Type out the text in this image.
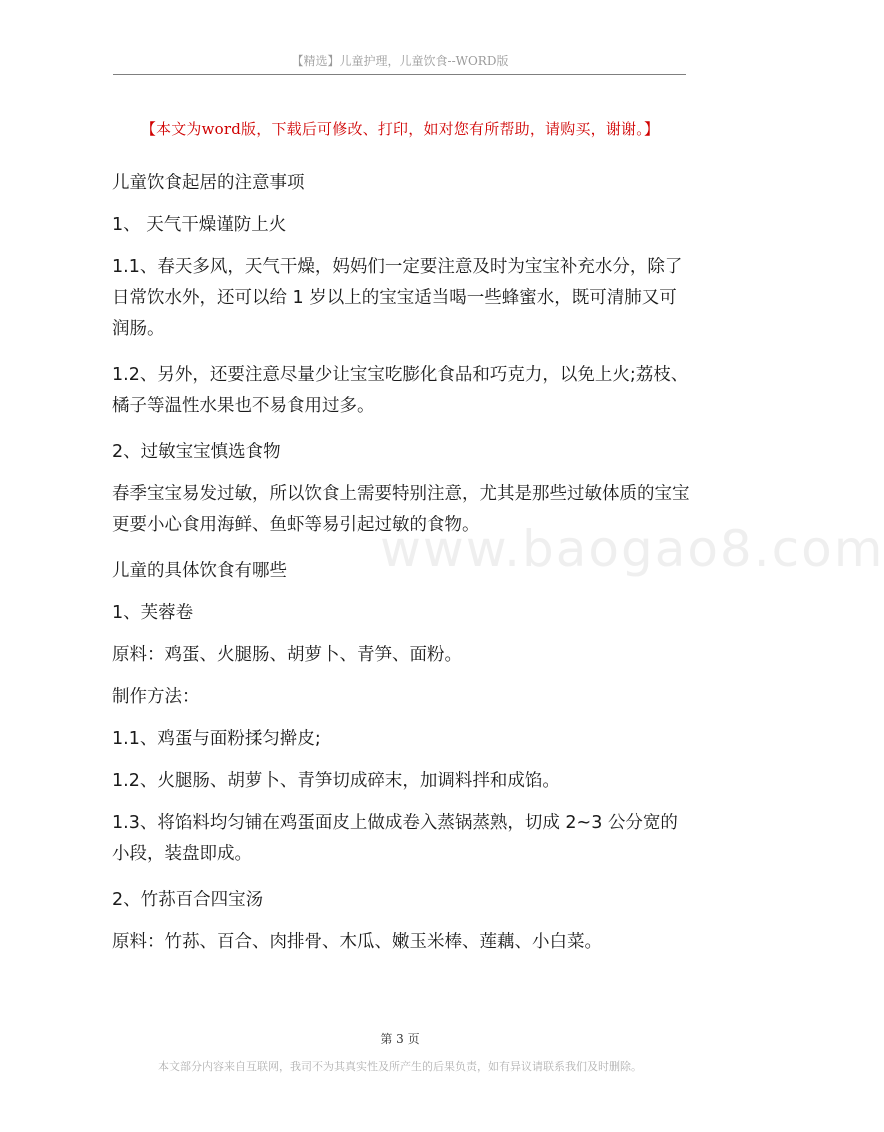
【精选】儿童护理，儿童饮食--WORD版
【本文为word版，下载后可修改、打印，如对您有所帮助，请购买，谢谢。】
www.baogao8.com

儿童饮食起居的注意事项

1、 天气干燥谨防上火

1.1、春天多风，天气干燥，妈妈们一定要注意及时为宝宝补充水分，除了日常饮水外，还可以给 1 岁以上的宝宝适当喝一些蜂蜜水，既可清肺又可润肠。

1.2、另外，还要注意尽量少让宝宝吃膨化食品和巧克力，以免上火;荔枝、橘子等温性水果也不易食用过多。

2、过敏宝宝慎选食物

春季宝宝易发过敏，所以饮食上需要特别注意，尤其是那些过敏体质的宝宝更要小心食用海鲜、鱼虾等易引起过敏的食物。

儿童的具体饮食有哪些

1、芙蓉卷

原料：鸡蛋、火腿肠、胡萝卜、青笋、面粉。

制作方法：

1.1、鸡蛋与面粉揉匀擀皮;

1.2、火腿肠、胡萝卜、青笋切成碎末，加调料拌和成馅。

1.3、将馅料均匀铺在鸡蛋面皮上做成卷入蒸锅蒸熟，切成 2~3 公分宽的小段，装盘即成。

2、竹荪百合四宝汤

原料：竹荪、百合、肉排骨、木瓜、嫩玉米棒、莲藕、小白菜。

第 3 页
本文部分内容来自互联网，我司不为其真实性及所产生的后果负责，如有异议请联系我们及时删除。
